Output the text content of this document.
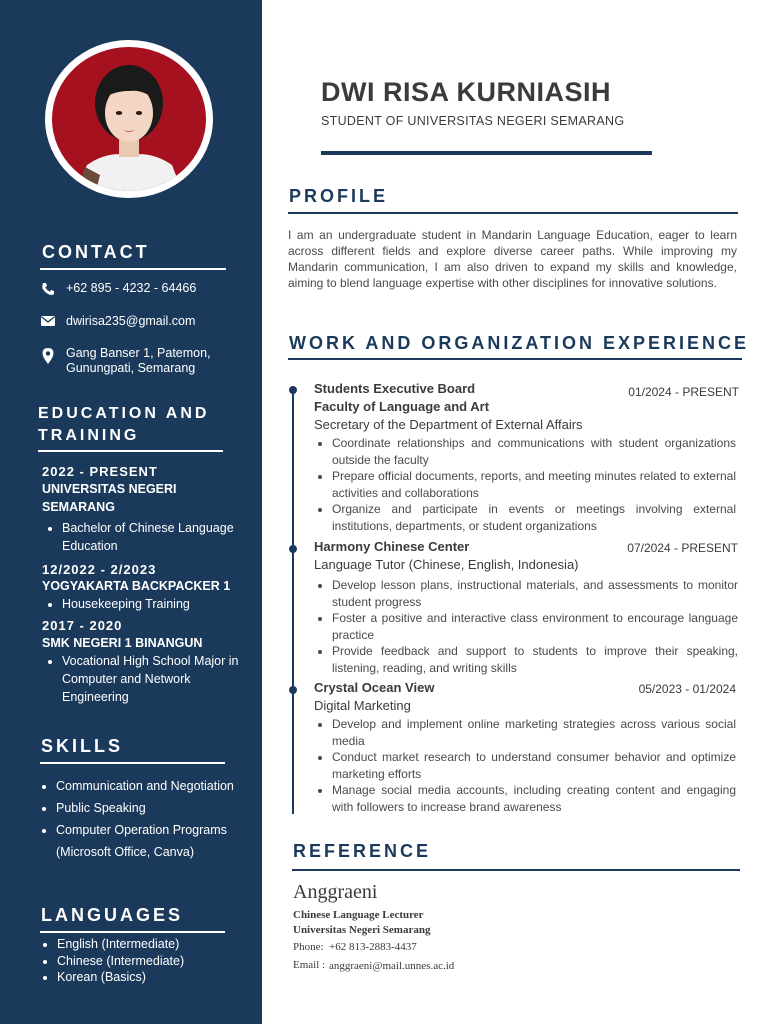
CONTACT
+62 895 - 4232 - 64466
dwirisa235@gmail.com
Gang Banser 1, Patemon,
Gunungpati, Semarang
EDUCATION AND
TRAINING
2022 - PRESENT
UNIVERSITAS NEGERI
SEMARANG
• Bachelor of Chinese Language Education
12/2022 - 2/2023
YOGYAKARTA BACKPACKER 1
• Housekeeping Training
2017 - 2020
SMK NEGERI 1 BINANGUN
• Vocational High School Major in Computer and Network Engineering
SKILLS
• Communication and Negotiation
• Public Speaking
• Computer Operation Programs (Microsoft Office, Canva)
LANGUAGES
• English (Intermediate)
• Chinese (Intermediate)
• Korean (Basics)
DWI RISA KURNIASIH
STUDENT OF UNIVERSITAS NEGERI SEMARANG
PROFILE
I am an undergraduate student in Mandarin Language Education, eager to learn across different fields and explore diverse career paths. While improving my Mandarin communication, I am also driven to expand my skills and knowledge, aiming to blend language expertise with other disciplines for innovative solutions.
WORK AND ORGANIZATION EXPERIENCE
Students Executive Board
Faculty of Language and Art
Secretary of the Department of External Affairs
• Coordinate relationships and communications with student organizations outside the faculty
• Prepare official documents, reports, and meeting minutes related to external activities and collaborations
• Organize and participate in events or meetings involving external institutions, departments, or student organizations
01/2024 - PRESENT
Harmony Chinese Center
Language Tutor (Chinese, English, Indonesia)
• Develop lesson plans, instructional materials, and assessments to monitor student progress
• Foster a positive and interactive class environment to encourage language practice
• Provide feedback and support to students to improve their speaking, listening, reading, and writing skills
07/2024 - PRESENT
Crystal Ocean View
Digital Marketing
• Develop and implement online marketing strategies across various social media
• Conduct market research to understand consumer behavior and optimize marketing efforts
• Manage social media accounts, including creating content and engaging with followers to increase brand awareness
05/2023 - 01/2024
REFERENCE
Anggraeni
Chinese Language Lecturer
Universitas Negeri Semarang
Phone: +62 813-2883-4437
Email : anggraeni@mail.unnes.ac.id
